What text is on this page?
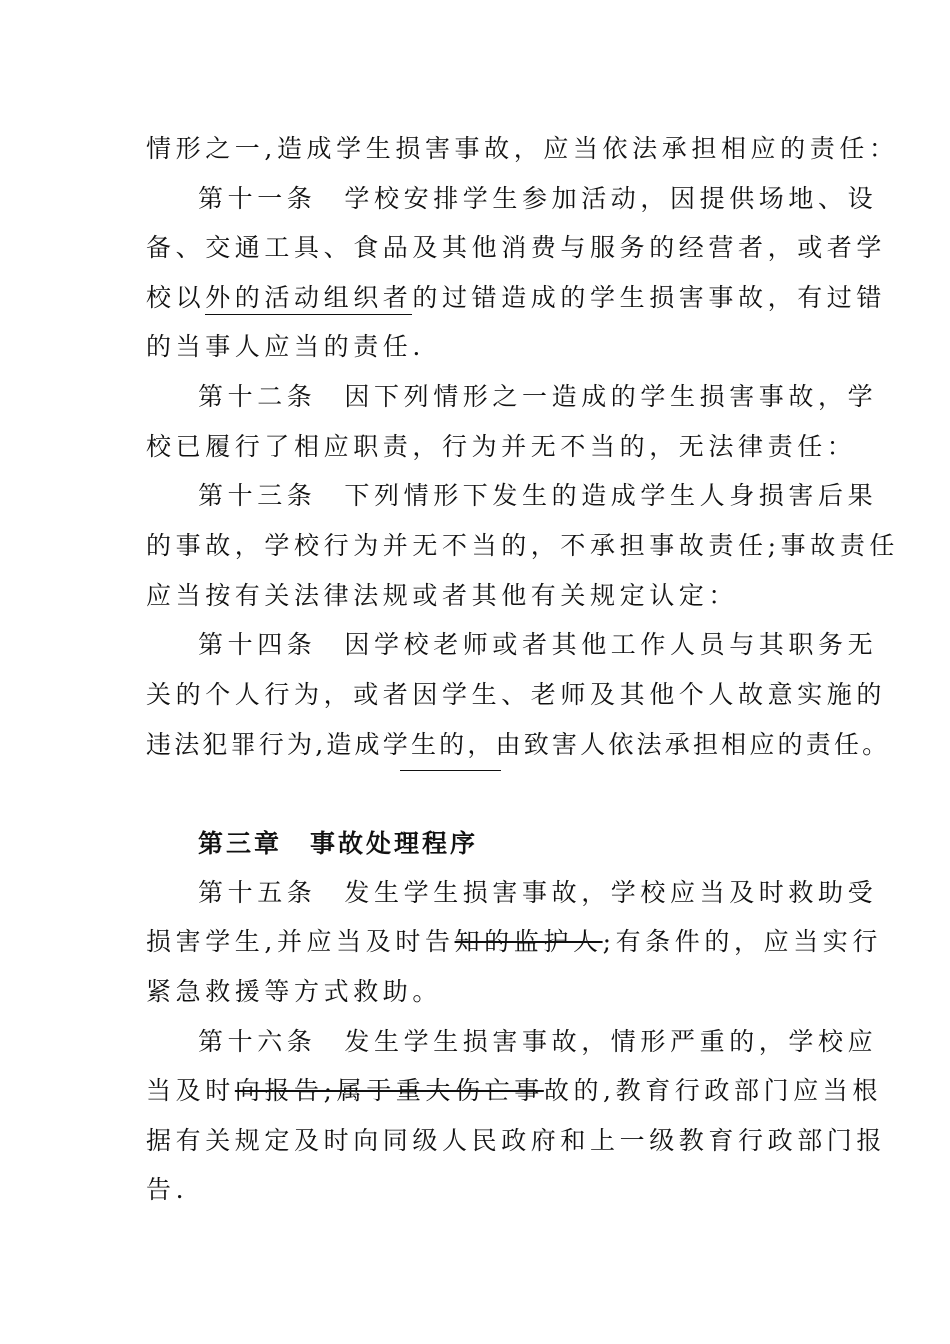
情形之一,造成学生损害事故，应当依法承担相应的责任：
第十一条 学校安排学生参加活动，因提供场地、设
备、交通工具、食品及其他消费与服务的经营者，或者学
校以外的活动组织者的过错造成的学生损害事故，有过错
的当事人应当的责任.
第十二条 因下列情形之一造成的学生损害事故，学
校已履行了相应职责，行为并无不当的，无法律责任：
第十三条 下列情形下发生的造成学生人身损害后果
的事故，学校行为并无不当的，不承担事故责任;事故责任
应当按有关法律法规或者其他有关规定认定：
第十四条 因学校老师或者其他工作人员与其职务无
关的个人行为，或者因学生、老师及其他个人故意实施的
违法犯罪行为,造成学生的，由致害人依法承担相应的责任。
第三章 事故处理程序
第十五条 发生学生损害事故，学校应当及时救助受
损害学生,并应当及时告知的监护人;有条件的，应当实行
紧急救援等方式救助。
第十六条 发生学生损害事故，情形严重的，学校应
当及时向报告;属于重大伤亡事故的,教育行政部门应当根
据有关规定及时向同级人民政府和上一级教育行政部门报
告.
